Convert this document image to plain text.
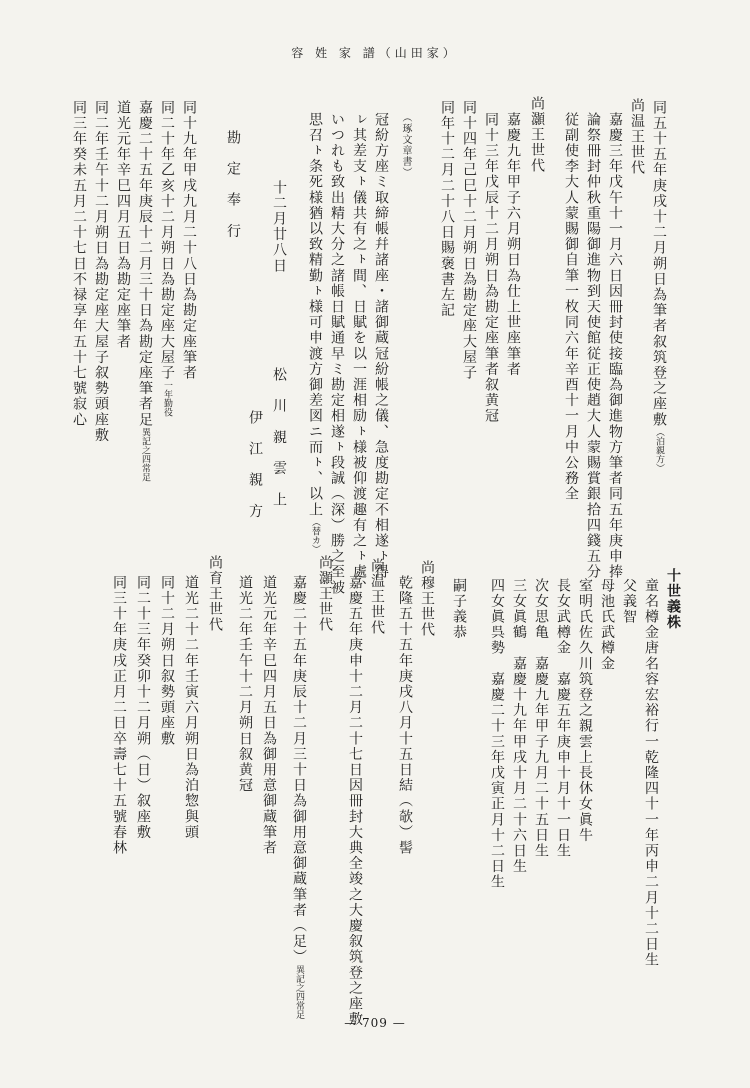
容 姓 家 譜（山田家）
同五十五年庚戌十二月朔日為筆者叙筑登之座敷（泊親方）
尚温王世代
嘉慶三年戊午十一月六日因冊封使接臨為御進物方筆者同五年庚申捧
論祭冊封仲秋重陽御進物到天使館従正使趙大人蒙賜賞銀拾四錢五分
従副使李大人蒙賜御自筆一枚同六年辛酉十一月中公務全
尚灝王世代
嘉慶九年甲子六月朔日為仕上世座筆者
同十三年戊辰十二月朔日為勘定座筆者叙黄冠
同十四年己巳十二月朔日為勘定座大屋子
同年十二月二十八日賜褒書左記
（琢文章書）
冠紛方座ミ取締帳幷諸座・諸御蔵冠紛帳之儀、急度勘定不相遂ㇳ得
ㇾ其差支ㇳ儀共有之ㇳ間、日賦を以一涯相励ㇳ様被仰渡趣有之ㇳ處、
いつれも致出精大分之諸帳日賦通早ミ勘定相遂ㇳ段誠（深）勝之至被
思召ㇳ条死様猶以致精勤ㇳ様可申渡方御差図ニ而ㇳ、以上（替カ）
十二月廿八日　　　　　　松　川　親　雲　上
伊　江　親　方
勘　定　奉　行
同十九年甲戌九月二十八日為勘定座筆者
同二十年乙亥十二月朔日為勘定座大屋子一年勤役
嘉慶二十五年庚辰十二月三十日為勘定座筆者足異記之四常足
道光元年辛巳四月五日為勘定座筆者
同二年壬午十二月朔日為勘定座大屋子叙勢頭座敷
同三年癸未五月二十七日不禄享年五十七號寂心
十世義株
童名樽金唐名容宏裕行一乾隆四十一年丙申二月十二日生
父義智
母池氏武樽金
室明氏佐久川筑登之親雲上長休女眞牛
長女武樽金　嘉慶五年庚申十月十一日生
次女思亀　嘉慶九年甲子九月二十五日生
三女眞鶴　嘉慶十九年甲戌十月二十六日生
四女眞呉勢　嘉慶二十三年戊寅正月十二日生
嗣子義恭
尚穆王世代
乾隆五十五年庚戌八月十五日結（欹）髻
尚温王世代
嘉慶五年庚申十二月二十七日因冊封大典全竣之大慶叙筑登之座敷
尚灝王世代
嘉慶二十五年庚辰十二月三十日為御用意御蔵筆者（足）異記之四常足
道光元年辛巳四月五日為御用意御蔵筆者
道光二年壬午十二月朔日叙黄冠
尚育王世代
道光二十二年壬寅六月朔日為泊惣與頭
同十二月朔日叙勢頭座敷
同二十三年癸卯十二月朔（日）叙座敷
同三十年庚戌正月二日卒壽七十五號春林
— 709 —
